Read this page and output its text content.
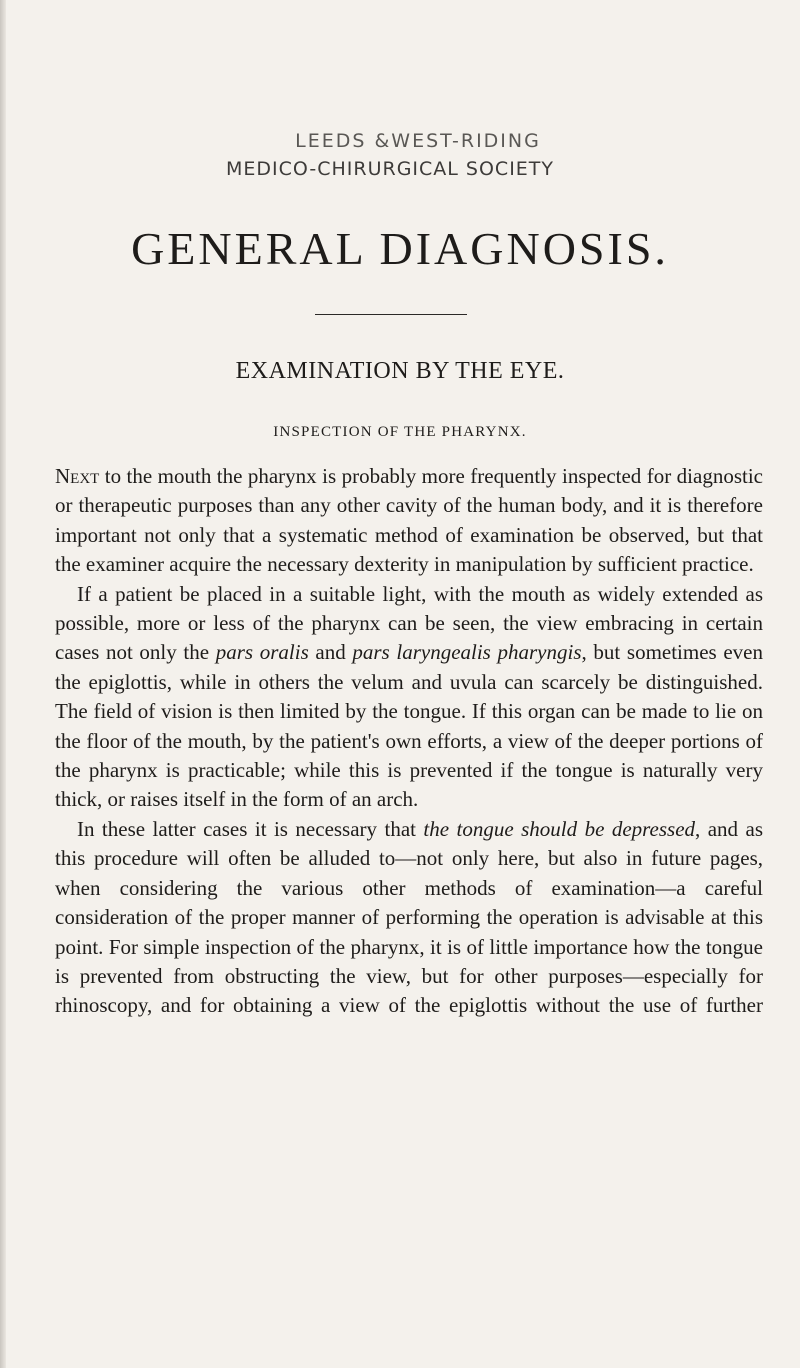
LEEDS &WEST-RIDING
MEDICO-CHIRURGICAL SOCIETY
GENERAL DIAGNOSIS.
EXAMINATION BY THE EYE.
INSPECTION OF THE PHARYNX.

Next to the mouth the pharynx is probably more frequently inspected for diagnostic or therapeutic purposes than any other cavity of the human body, and it is therefore important not only that a systematic method of examination be observed, but that the examiner acquire the necessary dexterity in manipulation by sufficient practice.

If a patient be placed in a suitable light, with the mouth as widely extended as possible, more or less of the pharynx can be seen, the view embracing in certain cases not only the pars oralis and pars laryngealis pharyngis, but sometimes even the epiglottis, while in others the velum and uvula can scarcely be distinguished. The field of vision is then limited by the tongue. If this organ can be made to lie on the floor of the mouth, by the patient's own efforts, a view of the deeper portions of the pharynx is practicable; while this is prevented if the tongue is naturally very thick, or raises itself in the form of an arch.

In these latter cases it is necessary that the tongue should be depressed, and as this procedure will often be alluded to—not only here, but also in future pages, when considering the various other methods of examination—a careful consideration of the proper manner of performing the operation is advisable at this point. For simple inspection of the pharynx, it is of little importance how the tongue is prevented from obstructing the view, but for other purposes—especially for rhinoscopy, and for obtaining a view of the epiglottis without the use of further
